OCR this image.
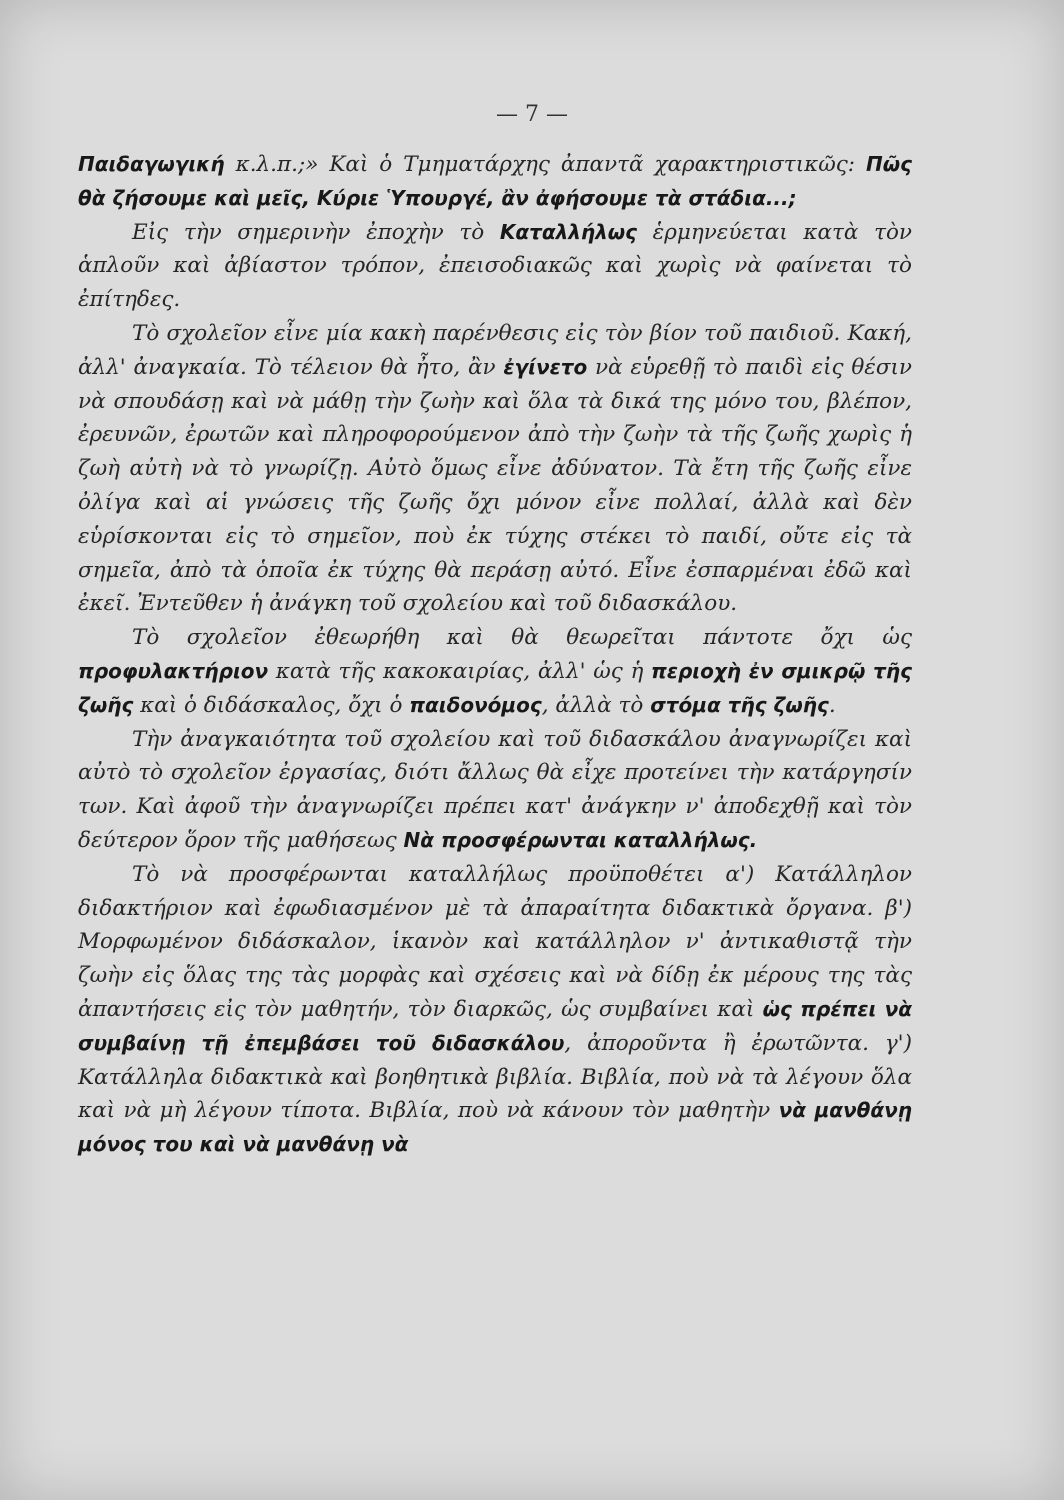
— 7 —

Παιδαγωγική κ.λ.π.;» Καὶ ὁ Τμηματάρχης ἀπαντᾶ χαρακτηριστικῶς: Πῶς θὰ ζήσουμε καὶ μεῖς, Κύριε Ὑπουργέ, ἂν ἀφήσουμε τὰ στάδια...;

Εἰς τὴν σημερινὴν ἐποχὴν τὸ Καταλλήλως ἑρμηνεύεται κατὰ τὸν ἁπλοῦν καὶ ἀβίαστον τρόπον, ἐπεισοδιακῶς καὶ χωρὶς νὰ φαίνεται τὸ ἐπίτηδες.

Τὸ σχολεῖον εἶνε μία κακὴ παρένθεσις εἰς τὸν βίον τοῦ παιδιοῦ. Κακή, ἀλλ' ἀναγκαία. Τὸ τέλειον θὰ ἦτο, ἂν ἐγίνετο νὰ εὑρεθῇ τὸ παιδὶ εἰς θέσιν νὰ σπουδάσῃ καὶ νὰ μάθῃ τὴν ζωὴν καὶ ὅλα τὰ δικά της μόνο του, βλέπον, ἐρευνῶν, ἐρωτῶν καὶ πληροφορούμενον ἀπὸ τὴν ζωὴν τὰ τῆς ζωῆς χωρὶς ἡ ζωὴ αὐτὴ νὰ τὸ γνωρίζῃ. Αὐτὸ ὅμως εἶνε ἀδύνατον. Τὰ ἔτη τῆς ζωῆς εἶνε ὀλίγα καὶ αἱ γνώσεις τῆς ζωῆς ὄχι μόνον εἶνε πολλαί, ἀλλὰ καὶ δὲν εὑρίσκονται εἰς τὸ σημεῖον, ποὺ ἐκ τύχης στέκει τὸ παιδί, οὔτε εἰς τὰ σημεῖα, ἀπὸ τὰ ὁποῖα ἐκ τύχης θὰ περάσῃ αὐτό. Εἶνε ἐσπαρμέναι ἐδῶ καὶ ἐκεῖ. Ἐντεῦθεν ἡ ἀνάγκη τοῦ σχολείου καὶ τοῦ διδασκάλου.

Τὸ σχολεῖον ἐθεωρήθη καὶ θὰ θεωρεῖται πάντοτε ὄχι ὡς προφυλακτήριον κατὰ τῆς κακοκαιρίας, ἀλλ' ὡς ἡ περιοχὴ ἐν σμικρῷ τῆς ζωῆς καὶ ὁ διδάσκαλος, ὄχι ὁ παιδονόμος, ἀλλὰ τὸ στόμα τῆς ζωῆς.

Τὴν ἀναγκαιότητα τοῦ σχολείου καὶ τοῦ διδασκάλου ἀναγνωρίζει καὶ αὐτὸ τὸ σχολεῖον ἐργασίας, διότι ἄλλως θὰ εἶχε προτείνει τὴν κατάργησίν των. Καὶ ἀφοῦ τὴν ἀναγνωρίζει πρέπει κατ' ἀνάγκην ν' ἀποδεχθῇ καὶ τὸν δεύτερον ὅρον τῆς μαθήσεως Νὰ προσφέρωνται καταλλήλως.

Τὸ νὰ προσφέρωνται καταλλήλως προϋποθέτει α') Κατάλληλον διδακτήριον καὶ ἐφωδιασμένον μὲ τὰ ἀπαραίτητα διδακτικὰ ὄργανα. β') Μορφωμένον διδάσκαλον, ἱκανὸν καὶ κατάλληλον ν' ἀντικαθιστᾷ τὴν ζωὴν εἰς ὅλας της τὰς μορφὰς καὶ σχέσεις καὶ νὰ δίδῃ ἐκ μέρους της τὰς ἀπαντήσεις εἰς τὸν μαθητήν, τὸν διαρκῶς, ὡς συμβαίνει καὶ ὡς πρέπει νὰ συμβαίνῃ τῇ ἐπεμβάσει τοῦ διδασκάλου, ἀποροῦντα ἢ ἐρωτῶντα. γ') Κατάλληλα διδακτικὰ καὶ βοηθητικὰ βιβλία. Βιβλία, ποὺ νὰ τὰ λέγουν ὅλα καὶ νὰ μὴ λέγουν τίποτα. Βιβλία, ποὺ νὰ κάνουν τὸν μαθητὴν νὰ μανθάνῃ μόνος του καὶ νὰ μανθάνῃ νὰ
